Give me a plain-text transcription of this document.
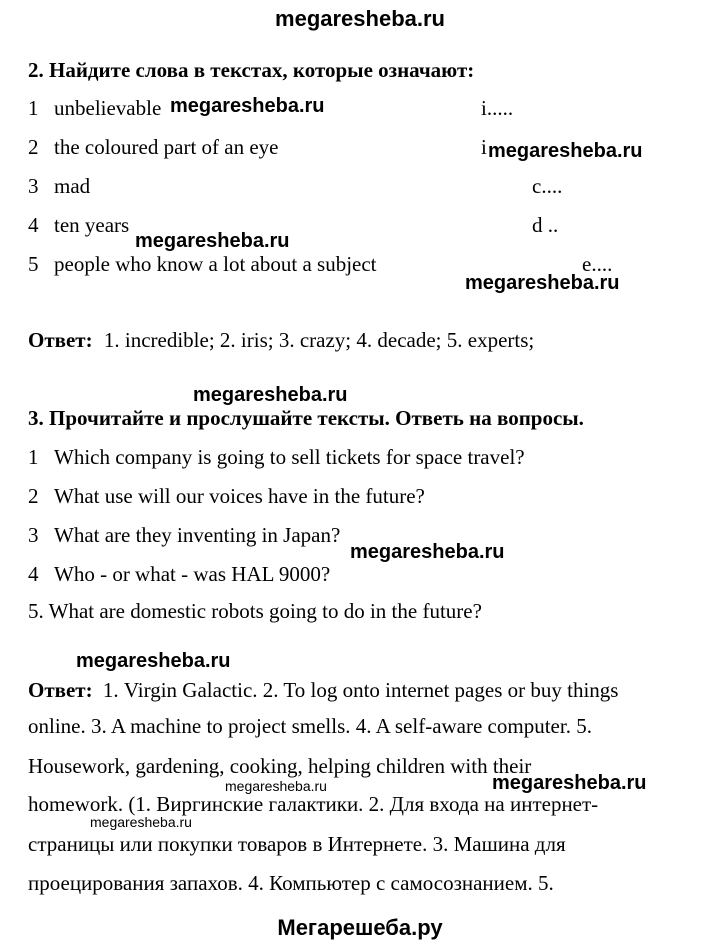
megaresheba.ru
2. Найдите слова в текстах, которые означают:
1 unbelievable	i.....
2 the coloured part of an eye	i
3 mad	c....
4 ten years	d ..
5 people who know a lot about a subject	e....
Ответ: 1. incredible; 2. iris; 3. crazy; 4. decade; 5. experts;
3. Прочитайте и прослушайте тексты. Ответь на вопросы.
1 Which company is going to sell tickets for space travel?
2 What use will our voices have in the future?
3 What are they inventing in Japan?
4 Who - or what - was HAL 9000?
5. What are domestic robots going to do in the future?
Ответ: 1. Virgin Galactic. 2. To log onto internet pages or buy things
online. 3. A machine to project smells. 4. A self-aware computer. 5.
Housework, gardening, cooking, helping children with their
homework. (1. Виргинские галактики. 2. Для входа на интернет-
страницы или покупки товаров в Интернете. 3. Машина для
проецирования запахов. 4. Компьютер с самосознанием. 5.
megaresheba.ru
megaresheba.ru
megaresheba.ru
megaresheba.ru
megaresheba.ru
megaresheba.ru
megaresheba.ru
megaresheba.ru	megaresheba.ru
megaresheba.ru
Мегарешеба.ру
